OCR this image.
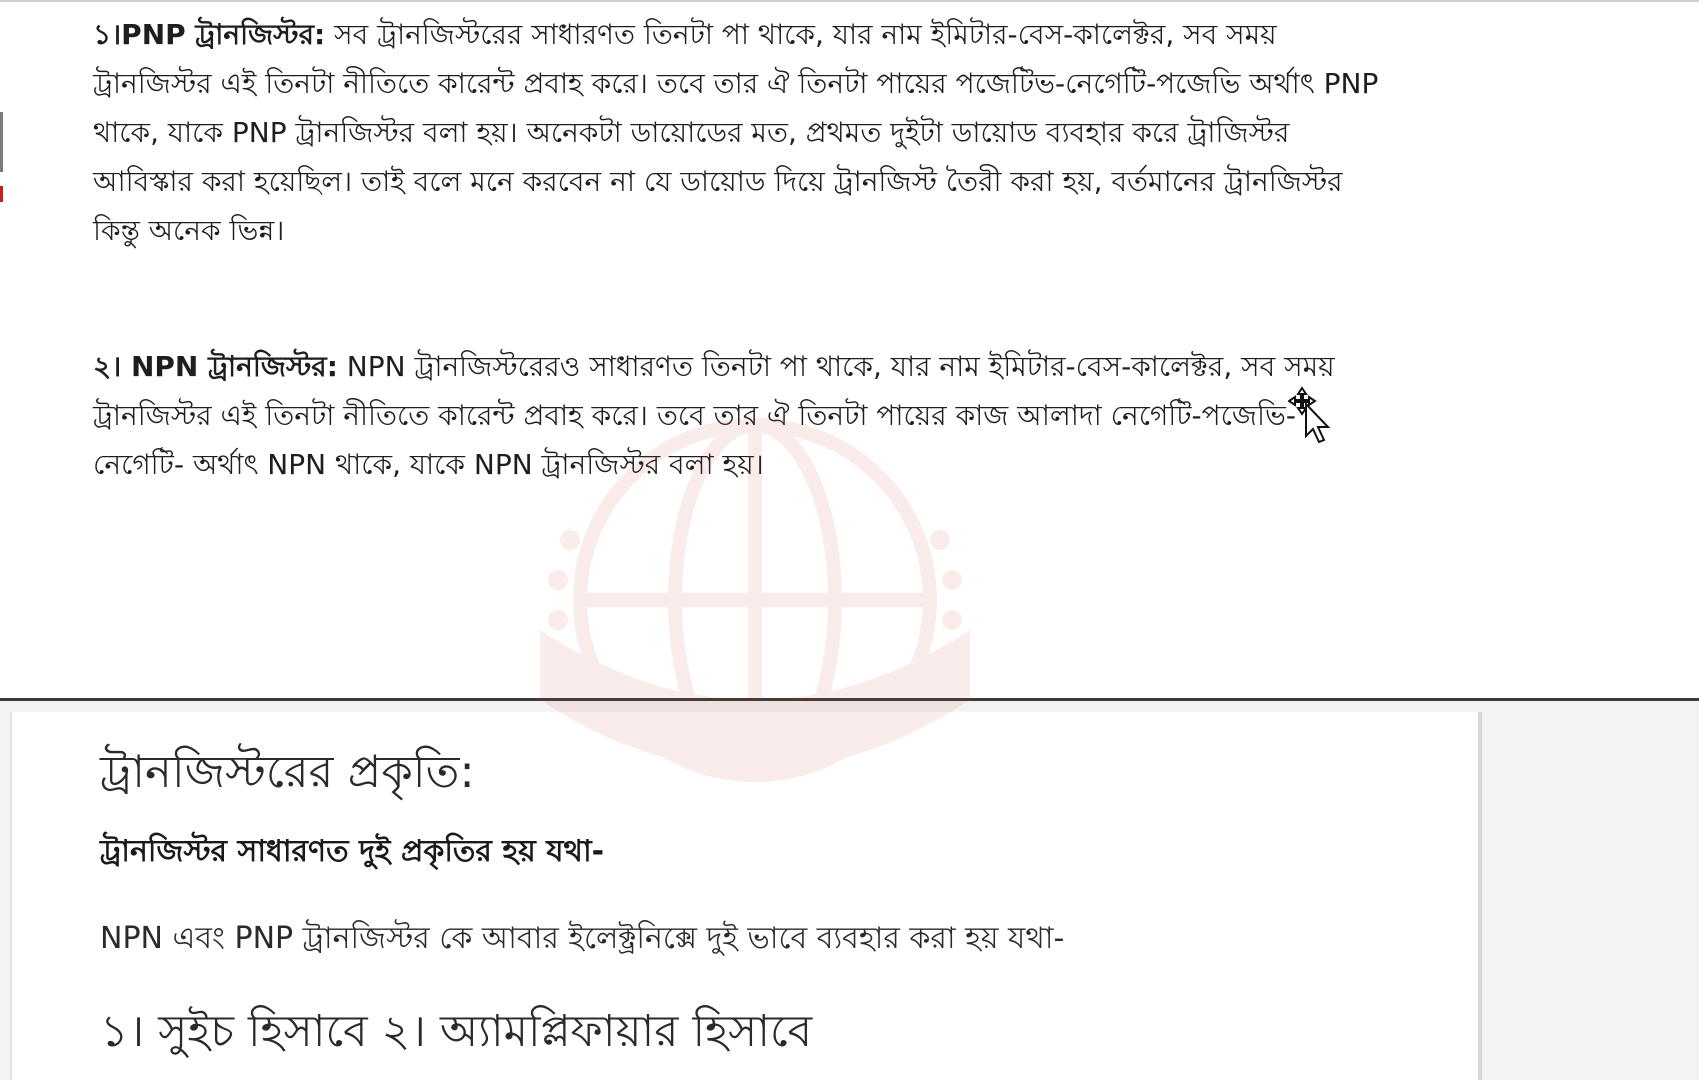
১।PNP ট্রানজিস্টর: সব ট্রানজিস্টরের সাধারণত তিনটা পা থাকে, যার নাম ইমিটার-বেস-কালেক্টর, সব সময় ট্রানজিস্টর এই তিনটা নীতিতে কারেন্ট প্রবাহ করে। তবে তার ঐ তিনটা পায়ের পজেটিভ-নেগেটি-পজেভি অর্থাৎ PNP থাকে, যাকে PNP ট্রানজিস্টর বলা হয়। অনেকটা ডায়োডের মত, প্রথমত দুইটা ডায়োড ব্যবহার করে ট্রাজিস্টর আবিস্কার করা হয়েছিল। তাই বলে মনে করবেন না যে ডায়োড দিয়ে ট্রানজিস্ট তৈরী করা হয়, বর্তমানের ট্রানজিস্টর কিন্তু অনেক ভিন্ন।

২। NPN ট্রানজিস্টর: NPN ট্রানজিস্টরেরও সাধারণত তিনটা পা থাকে, যার নাম ইমিটার-বেস-কালেক্টর, সব সময় ট্রানজিস্টর এই তিনটা নীতিতে কারেন্ট প্রবাহ করে। তবে তার ঐ তিনটা পায়ের কাজ আলাদা নেগেটি-পজেভি-নেগেটি- অর্থাৎ NPN থাকে, যাকে NPN ট্রানজিস্টর বলা হয়।

ট্রানজিস্টরের প্রকৃতি:

ট্রানজিস্টর সাধারণত দুই প্রকৃতির হয় যথা-

NPN এবং PNP ট্রানজিস্টর কে আবার ইলেক্ট্রনিক্সে দুই ভাবে ব্যবহার করা হয় যথা-

১। সুইচ হিসাবে ২। অ্যামপ্লিফায়ার হিসাবে
